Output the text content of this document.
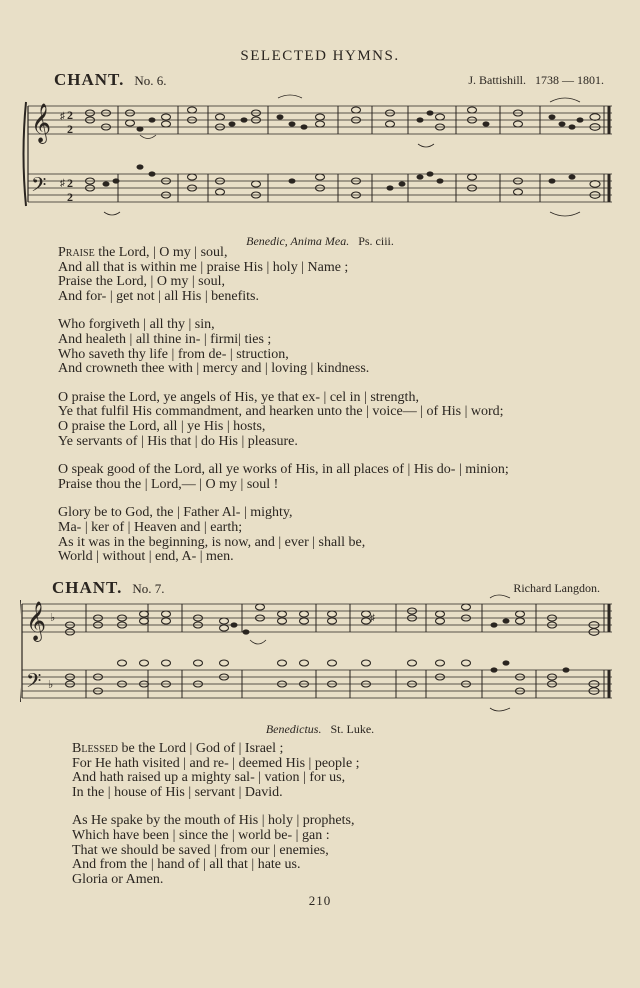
SELECTED HYMNS.
CHANT. No. 6.	J. Battishill. 1738 — 1801.
𝄞
𝄢
♯
♯
2
2
2
2
Benedic, Anima Mea. Ps. ciii.
Praise the Lord, | O my | soul,
And all that is within me | praise His | holy | Name ;
Praise the Lord, | O my | soul,
And for- | get not | all His | benefits.
Who forgiveth | all thy | sin,
And healeth | all thine in- | firmi| ties ;
Who saveth thy life | from de- | struction,
And crowneth thee with | mercy and | loving | kindness.
O praise the Lord, ye angels of His, ye that ex- | cel in | strength,
Ye that fulfil His commandment, and hearken unto the | voice— | of His | word;
O praise the Lord, all | ye His | hosts,
Ye servants of | His that | do His | pleasure.
O speak good of the Lord, all ye works of His, in all places of | His do- | minion;
Praise thou the | Lord,— | O my | soul !
Glory be to God, the | Father Al- | mighty,
Ma- | ker of | Heaven and | earth;
As it was in the beginning, is now, and | ever | shall be,
World | without | end, A- | men.
CHANT. No. 7.	Richard Langdon.
𝄞
𝄢
♭
♭
♯
Benedictus. St. Luke.
Blessed be the Lord | God of | Israel ;
For He hath visited | and re- | deemed His | people ;
And hath raised up a mighty sal- | vation | for us,
In the | house of His | servant | David.
As He spake by the mouth of His | holy | prophets,
Which have been | since the | world be- | gan :
That we should be saved | from our | enemies,
And from the | hand of | all that | hate us.
Gloria or Amen.
210
